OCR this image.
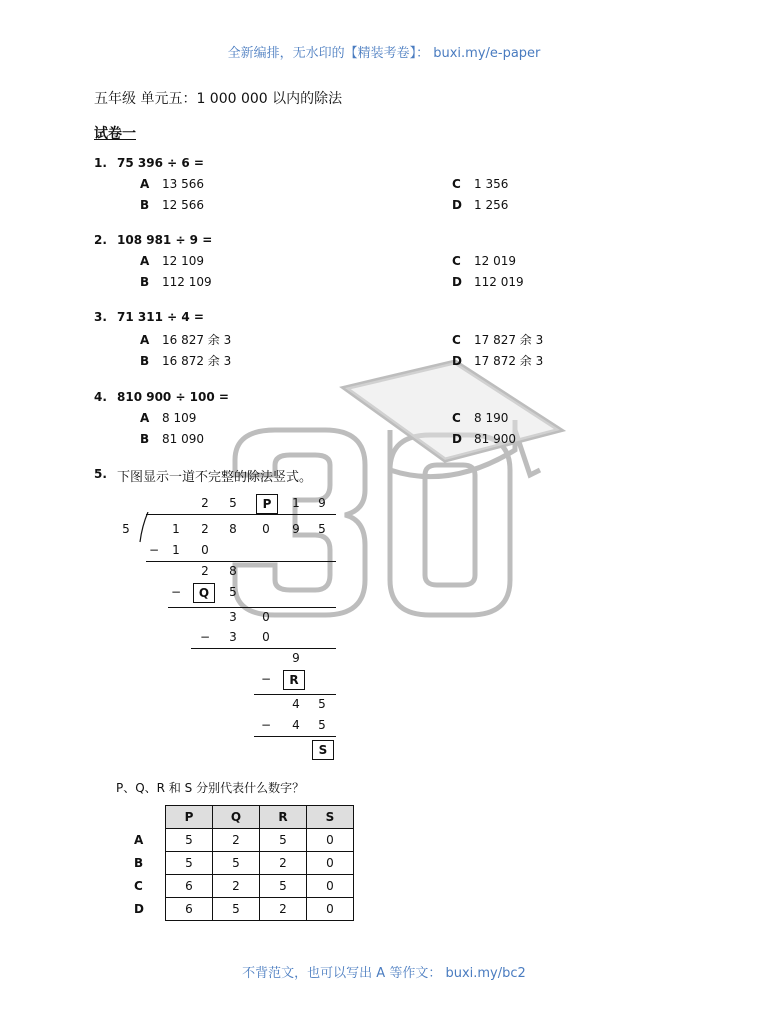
全新编排，无水印的【精装考卷】： buxi.my/e-paper
五年级 单元五：1 000 000 以内的除法
试卷一
1. 75 396 ÷ 6 =
A 13 566
B 12 566
C 1 356
D 1 256
2. 108 981 ÷ 9 =
A 12 109
B 112 109
C 12 019
D 112 019
3. 71 311 ÷ 4 =
A 16 827 余 3
B 16 872 余 3
C 17 827 余 3
D 17 872 余 3
4. 810 900 ÷ 100 =
A 8 109
B 81 090
C 8 190
D 81 900
5. 下图显示一道不完整的除法竖式。
2	5	P	1	9
5	1	2	8	0	9	5
−	1	0
2	8
−	Q	5
3	0
−	3	0
9
−	R
4	5
−	4	5
S
P、Q、R 和 S 分别代表什么数字？
	P	Q	R	S
A	5	2	5	0
B	5	5	2	0
C	6	2	5	0
D	6	5	2	0
不背范文，也可以写出 A 等作文： buxi.my/bc2
